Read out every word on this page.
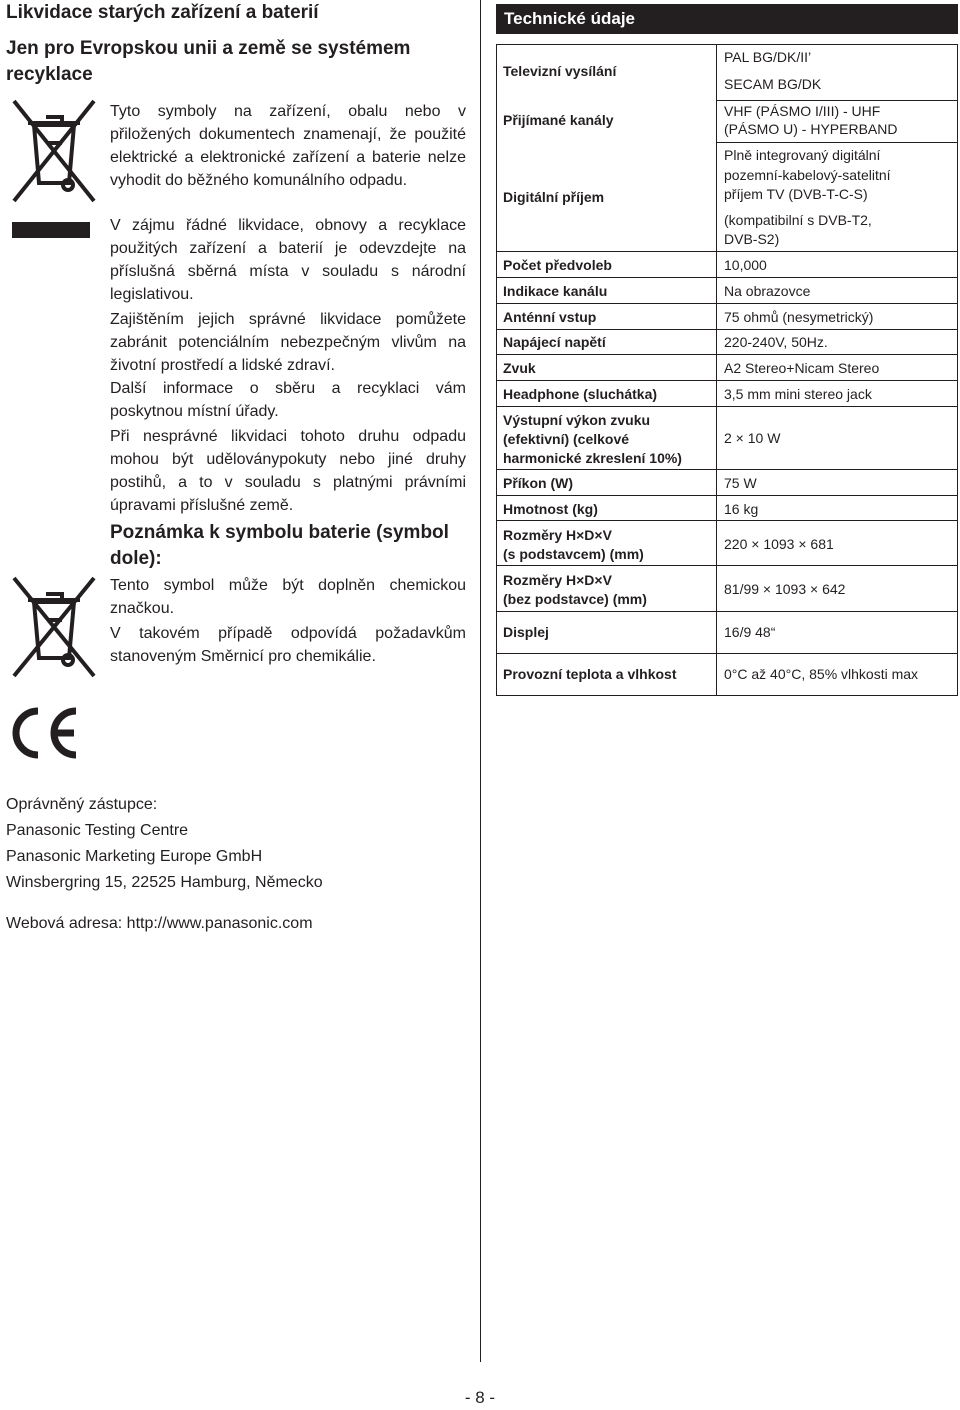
Likvidace starých zařízení a baterií
Jen pro Evropskou unii a země se systémem
recyklace
Tyto symboly na zařízení, obalu nebo v přiložených dokumentech znamenají, že použité elektrické a elektronické zařízení a baterie nelze vyhodit do běžného komunálního odpadu.
V zájmu řádné likvidace, obnovy a recyklace použitých zařízení a baterií je odevzdejte na příslušná sběrná místa v souladu s národní legislativou.
Zajištěním jejich správné likvidace pomůžete zabránit potenciálním nebezpečným vlivům na životní prostředí a lidské zdraví.
Další informace o sběru a recyklaci vám poskytnou místní úřady.
Při nesprávné likvidaci tohoto druhu odpadu mohou být uděloványpokuty nebo jiné druhy postihů, a to v souladu s platnými právními úpravami příslušné země.
Poznámka k symbolu baterie (symbol dole):
Tento symbol může být doplněn chemickou značkou.
V takovém případě odpovídá požadavkům stanoveným Směrnicí pro chemikálie.
Oprávněný zástupce:
Panasonic Testing Centre
Panasonic Marketing Europe GmbH
Winsbergring 15, 22525 Hamburg, Německo
Webová adresa: http://www.panasonic.com
Technické údaje
Televizní vysílání
Přijímané kanály
Digitální příjem
Počet předvoleb
Indikace kanálu
Anténní vstup
Napájecí napětí
Zvuk
Headphone (sluchátka)
Výstupní výkon zvuku
(efektivní) (celkové
harmonické zkreslení 10%)
Příkon (W)
Hmotnost (kg)
Rozměry H×D×V
(s podstavcem) (mm)
Rozměry H×D×V
(bez podstavce) (mm)
Displej
Provozní teplota a vlhkost
PAL BG/DK/II’
SECAM BG/DK
VHF (PÁSMO I/III) - UHF
(PÁSMO U) - HYPERBAND
Plně integrovaný digitální
pozemní-kabelový-satelitní
příjem TV (DVB-T-C-S)
(kompatibilní s DVB-T2,
DVB-S2)
10,000
Na obrazovce
75 ohmů (nesymetrický)
220-240V, 50Hz.
A2 Stereo+Nicam Stereo
3,5 mm mini stereo jack
2 × 10 W
75 W
16 kg
220 × 1093 × 681
81/99 × 1093 × 642
16/9 48“
0°C až 40°C, 85% vlhkosti max
- 8 -
